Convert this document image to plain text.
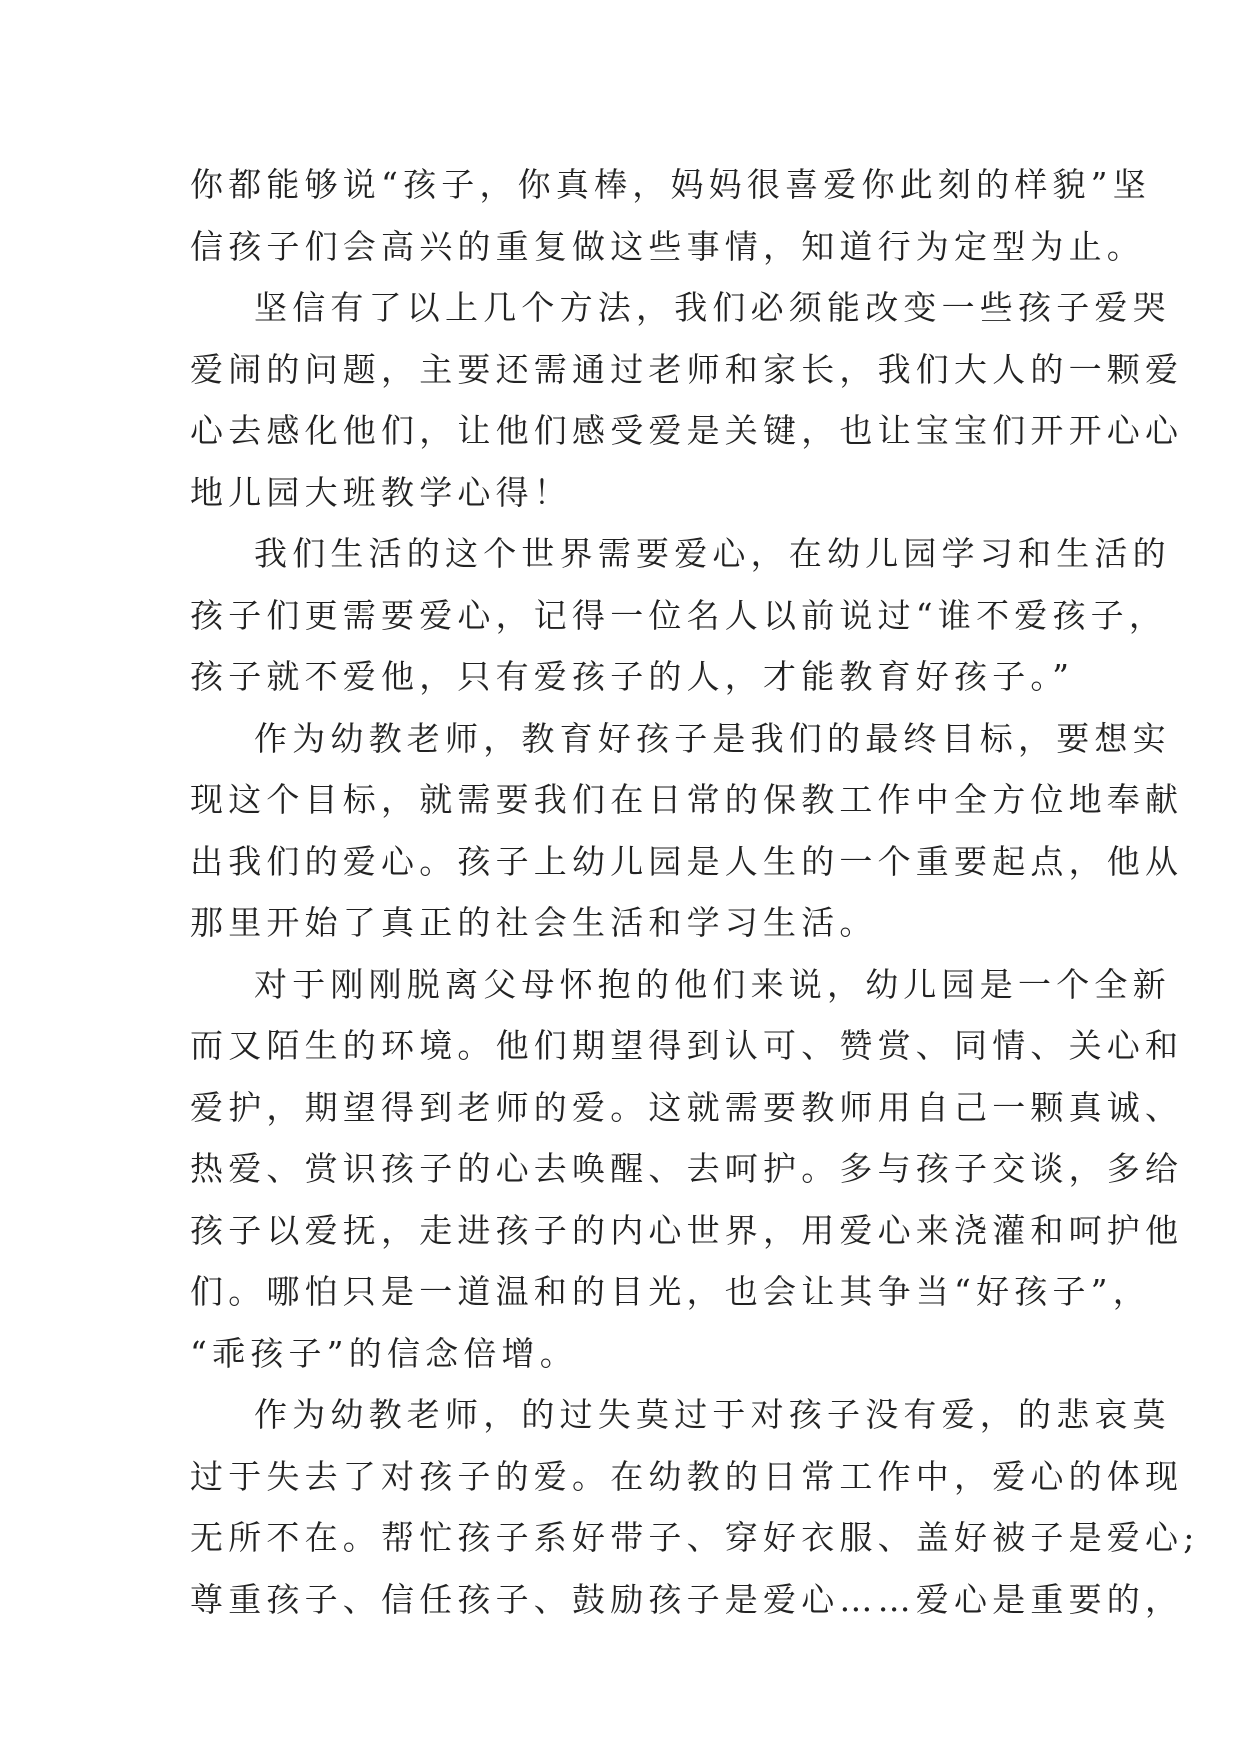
你都能够说“孩子，你真棒，妈妈很喜爱你此刻的样貌”坚
信孩子们会高兴的重复做这些事情，知道行为定型为止。
坚信有了以上几个方法，我们必须能改变一些孩子爱哭
爱闹的问题，主要还需通过老师和家长，我们大人的一颗爱
心去感化他们，让他们感受爱是关键，也让宝宝们开开心心
地儿园大班教学心得！
我们生活的这个世界需要爱心，在幼儿园学习和生活的
孩子们更需要爱心，记得一位名人以前说过“谁不爱孩子，
孩子就不爱他，只有爱孩子的人，才能教育好孩子。”
作为幼教老师，教育好孩子是我们的最终目标，要想实
现这个目标，就需要我们在日常的保教工作中全方位地奉献
出我们的爱心。孩子上幼儿园是人生的一个重要起点，他从
那里开始了真正的社会生活和学习生活。
对于刚刚脱离父母怀抱的他们来说，幼儿园是一个全新
而又陌生的环境。他们期望得到认可、赞赏、同情、关心和
爱护，期望得到老师的爱。这就需要教师用自己一颗真诚、
热爱、赏识孩子的心去唤醒、去呵护。多与孩子交谈，多给
孩子以爱抚，走进孩子的内心世界，用爱心来浇灌和呵护他
们。哪怕只是一道温和的目光，也会让其争当“好孩子”，
“乖孩子”的信念倍增。
作为幼教老师，的过失莫过于对孩子没有爱，的悲哀莫
过于失去了对孩子的爱。在幼教的日常工作中，爱心的体现
无所不在。帮忙孩子系好带子、穿好衣服、盖好被子是爱心;
尊重孩子、信任孩子、鼓励孩子是爱心……爱心是重要的，
